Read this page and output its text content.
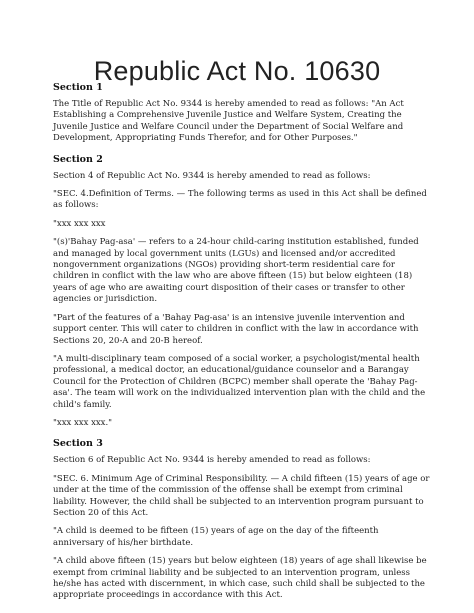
Republic Act No. 10630
Section 1

The Title of Republic Act No. 9344 is hereby amended to read as follows: "An Act Establishing a Comprehensive Juvenile Justice and Welfare System, Creating the Juvenile Justice and Welfare Council under the Department of Social Welfare and Development, Appropriating Funds Therefor, and for Other Purposes."

Section 2

Section 4 of Republic Act No. 9344 is hereby amended to read as follows:

"SEC. 4.Definition of Terms. — The following terms as used in this Act shall be defined as follows:

"xxx xxx xxx

"(s)'Bahay Pag-asa' — refers to a 24-hour child-caring institution established, funded and managed by local government units (LGUs) and licensed and/or accredited nongovernment organizations (NGOs) providing short-term residential care for children in conflict with the law who are above fifteen (15) but below eighteen (18) years of age who are awaiting court disposition of their cases or transfer to other agencies or jurisdiction.

"Part of the features of a 'Bahay Pag-asa' is an intensive juvenile intervention and support center. This will cater to children in conflict with the law in accordance with Sections 20, 20-A and 20-B hereof.

"A multi-disciplinary team composed of a social worker, a psychologist/mental health professional, a medical doctor, an educational/guidance counselor and a Barangay Council for the Protection of Children (BCPC) member shall operate the 'Bahay Pag-asa'. The team will work on the individualized intervention plan with the child and the child's family.

"xxx xxx xxx."

Section 3

Section 6 of Republic Act No. 9344 is hereby amended to read as follows:

"SEC. 6. Minimum Age of Criminal Responsibility. — A child fifteen (15) years of age or under at the time of the commission of the offense shall be exempt from criminal liability. However, the child shall be subjected to an intervention program pursuant to Section 20 of this Act.

"A child is deemed to be fifteen (15) years of age on the day of the fifteenth anniversary of his/her birthdate.

"A child above fifteen (15) years but below eighteen (18) years of age shall likewise be exempt from criminal liability and be subjected to an intervention program, unless he/she has acted with discernment, in which case, such child shall be subjected to the appropriate proceedings in accordance with this Act.
